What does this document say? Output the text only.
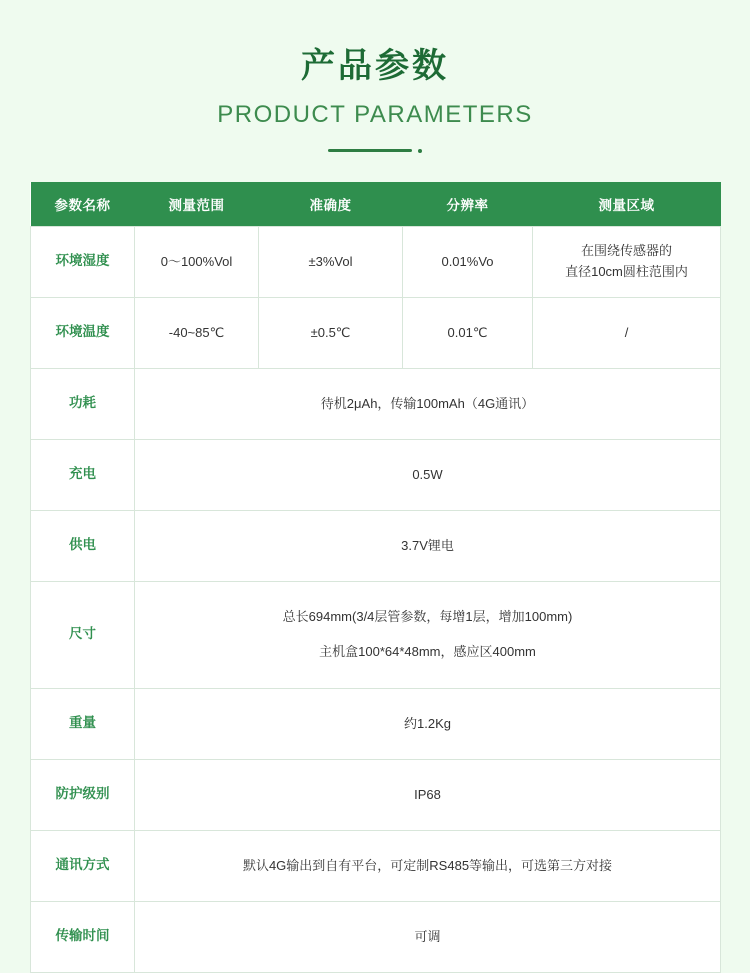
产品参数
PRODUCT PARAMETERS
参数名称	测量范围	准确度	分辨率	测量区域
环境湿度	0～100%Vol	±3%Vol	0.01%Vo	在围绕传感器的
直径10cm圆柱范围内

环境温度	-40~85℃	±0.5℃	0.01℃	/
功耗	待机2μAh，传输100mAh（4G通讯）			
充电	0.5W			
供电	3.7V锂电			
尺寸	总长694mm(3/4层管参数，每增1层，增加100mm)
主机盒100*64*48mm，感应区400mm			

重量	约1.2Kg			
防护级别	IP68			
通讯方式	默认4G输出到自有平台，可定制RS485等输出，可选第三方对接			
传输时间	可调			
